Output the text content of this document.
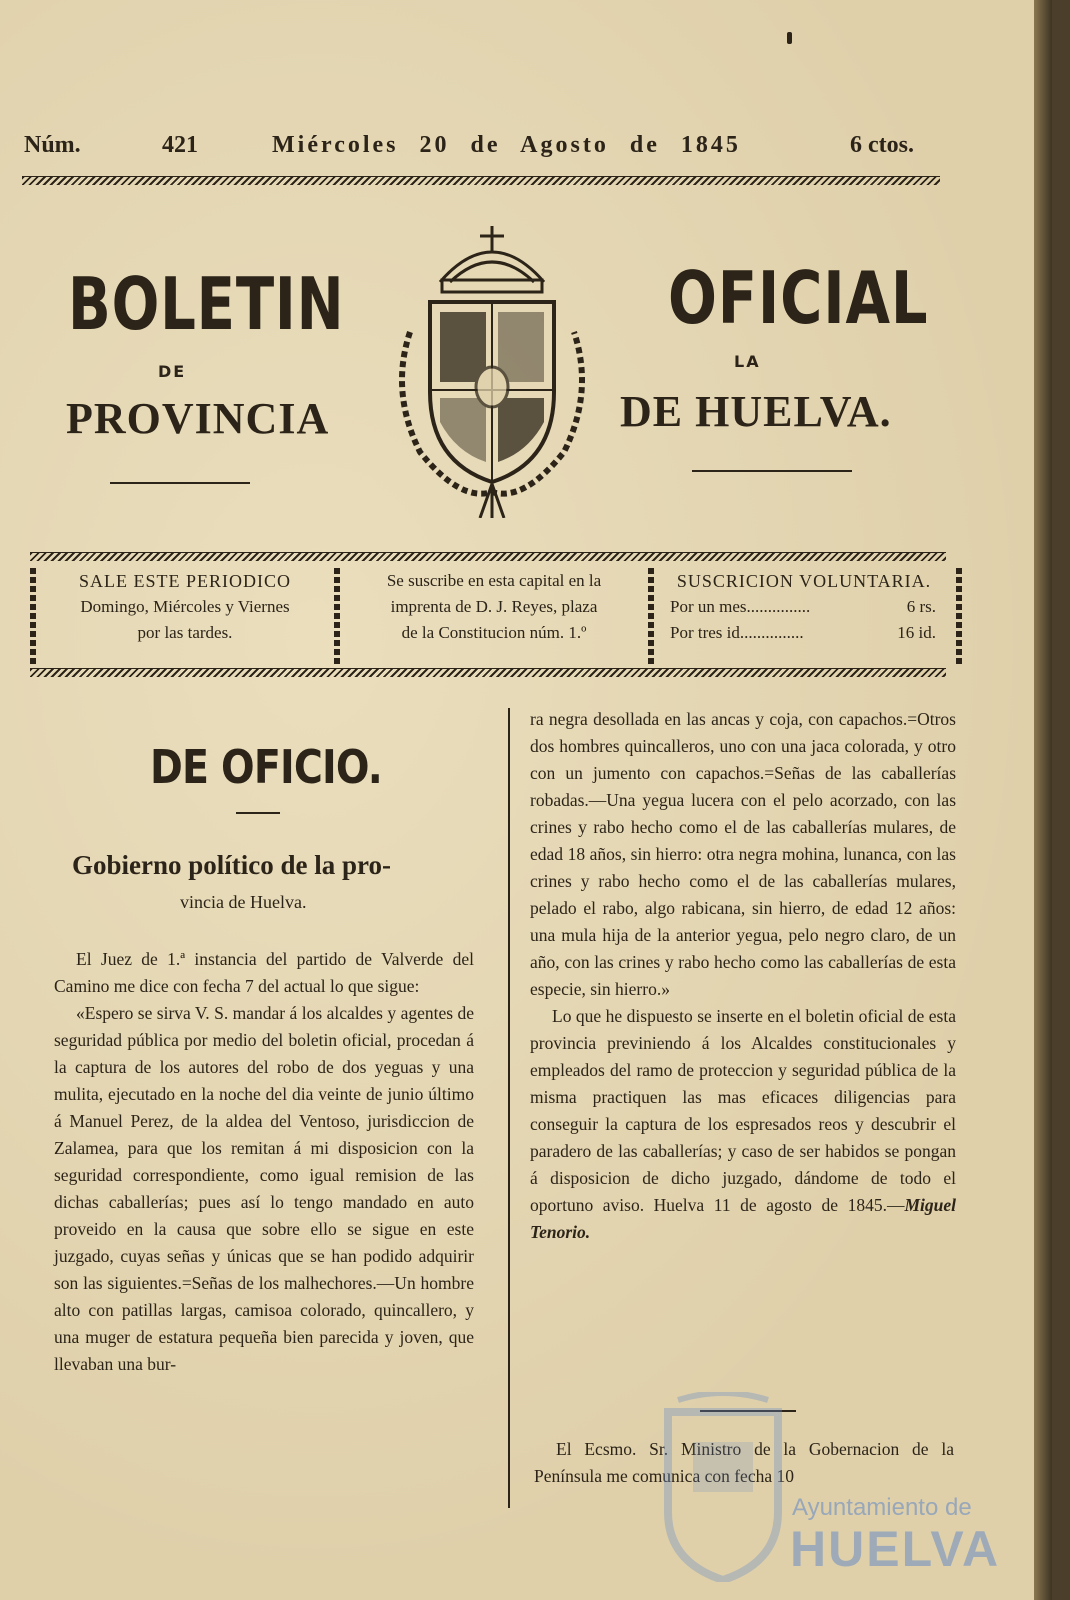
Núm.	421	Miércoles 20 de Agosto de 1845	6 ctos.
BOLETIN	OFICIAL
DE
LA
PROVINCIA	DE HUELVA.
SALE ESTE PERIODICO
Domingo, Miércoles y Viernes
por las tardes.
Se suscribe en esta capital en la
imprenta de D. J. Reyes, plaza
de la Constitucion núm. 1.º
SUSCRICION VOLUNTARIA.
Por un mes...............	6 rs.
Por tres id...............	16 id.
DE OFICIO.
Gobierno político de la pro-
vincia de Huelva.

El Juez de 1.ª instancia del partido de Valverde del Camino me dice con fecha 7 del actual lo que sigue:

«Espero se sirva V. S. mandar á los alcaldes y agentes de seguridad pública por medio del boletin oficial, procedan á la captura de los autores del robo de dos yeguas y una mulita, ejecutado en la noche del dia veinte de junio último á Manuel Perez, de la aldea del Ventoso, jurisdiccion de Zalamea, para que los remitan á mi disposicion con la seguridad correspondiente, como igual remision de las dichas caballerías; pues así lo tengo mandado en auto proveido en la causa que sobre ello se sigue en este juzgado, cuyas señas y únicas que se han podido adquirir son las siguientes.=Señas de los malhechores.—Un hombre alto con patillas largas, camisoa colorado, quincallero, y una muger de estatura pequeña bien parecida y joven, que llevaban una bur-

ra negra desollada en las ancas y coja, con capachos.=Otros dos hombres quincalleros, uno con una jaca colorada, y otro con un jumento con capachos.=Señas de las caballerías robadas.—Una yegua lucera con el pelo acorzado, con las crines y rabo hecho como el de las caballerías mulares, de edad 18 años, sin hierro: otra negra mohina, lunanca, con las crines y rabo hecho como el de las caballerías mulares, pelado el rabo, algo rabicana, sin hierro, de edad 12 años: una mula hija de la anterior yegua, pelo negro claro, de un año, con las crines y rabo hecho como las caballerías de esta especie, sin hierro.»

Lo que he dispuesto se inserte en el boletin oficial de esta provincia previniendo á los Alcaldes constitucionales y empleados del ramo de proteccion y seguridad pública de la misma practiquen las mas eficaces diligencias para conseguir la captura de los espresados reos y descubrir el paradero de las caballerías; y caso de ser habidos se pongan á disposicion de dicho juzgado, dándome de todo el oportuno aviso. Huelva 11 de agosto de 1845.—Miguel Tenorio.

El Ecsmo. Sr. Ministro de la Gobernacion de la Península me comunica con fecha 10

Ayuntamiento de
HUELVA
